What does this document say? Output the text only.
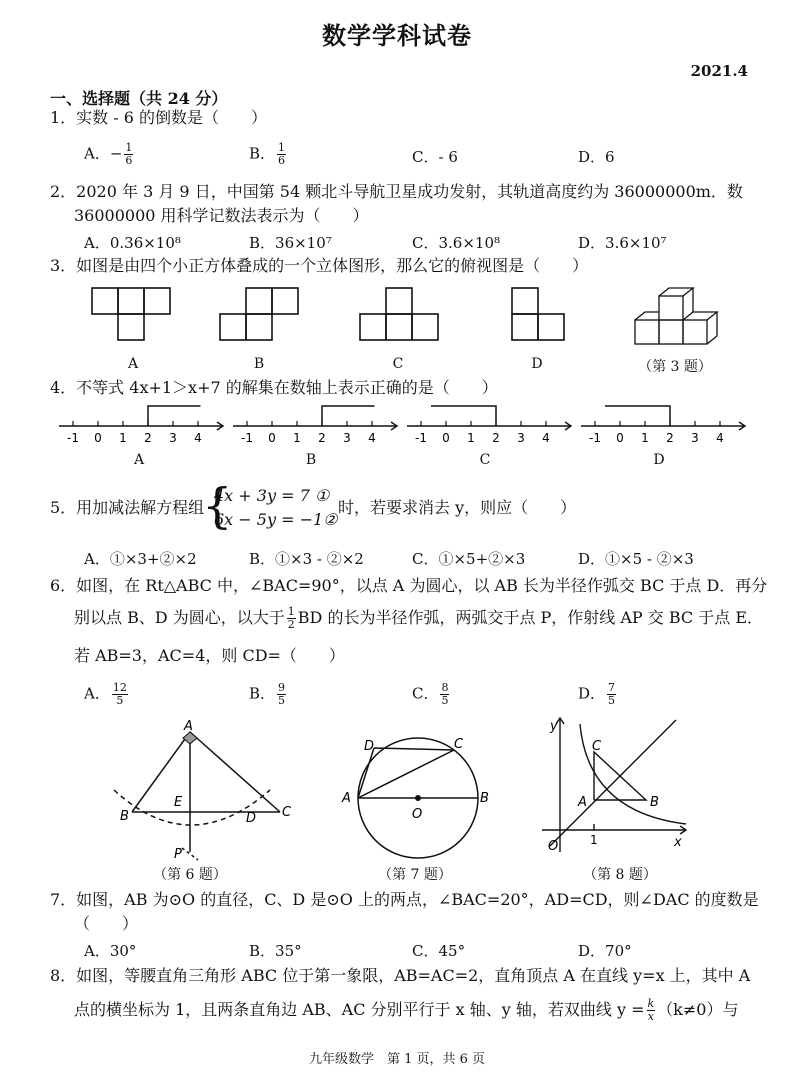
数学学科试卷
2021.4
一、选择题（共 24 分）
1．实数 - 6 的倒数是（　　）
A．− $\frac{1}{6}$	B． $\frac{1}{6}$	C．- 6	D．6
2．2020 年 3 月 9 日，中国第 54 颗北斗导航卫星成功发射，其轨道高度约为 36000000m．数
36000000 用科学记数法表示为（　　）
A．0.36×10⁸	B．36×10⁷	C．3.6×10⁸	D．3.6×10⁷
3．如图是由四个小正方体叠成的一个立体图形，那么它的俯视图是（　　）
A	B	C	D	（第 3 题）
4．不等式 4x+1＞x+7 的解集在数轴上表示正确的是（　　）
-1 0 1 2 3 4	-1 0 1 2 3 4	-1 0 1 2 3 4	-1 0 1 2 3 4
A	B	C	D
5．用加减法解方程组
{
4x + 3y = 7 ①
6x − 5y = −1②
时，若要求消去 y，则应（　　）
A．①×3+②×2	B．①×3 - ②×2	C．①×5+②×3	D．①×5 - ②×3
6．如图，在 Rt△ABC 中，∠BAC=90°，以点 A 为圆心，以 AB 长为半径作弧交 BC 于点 D．再分
别以点 B、D 为圆心，以大于 $\frac{1}{2}$ BD 的长为半径作弧，两弧交于点 P，作射线 AP 交 BC 于点 E．
若 AB=3，AC=4，则 CD=（　　）
A． $\frac{12}{5}$	B． $\frac{9}{5}$	C． $\frac{8}{5}$	D． $\frac{7}{5}$
A
B	C
D
E
P
（第 6 题）
A	B
C
D
O
（第 7 题）
y
x
O
A	B
C
1
（第 8 题）
7．如图，AB 为⊙O 的直径，C、D 是⊙O 上的两点，∠BAC=20°，AD=CD，则∠DAC 的度数是
（　　）
A．30°	B．35°	C．45°	D．70°
8．如图，等腰直角三角形 ABC 位于第一象限，AB=AC=2，直角顶点 A 在直线 y=x 上，其中 A
点的横坐标为 1，且两条直角边 AB、AC 分别平行于 x 轴、y 轴，若双曲线 $y = \frac{k}{x} (k\ne 0)$与
九年级数学　第 1 页，共 6 页
